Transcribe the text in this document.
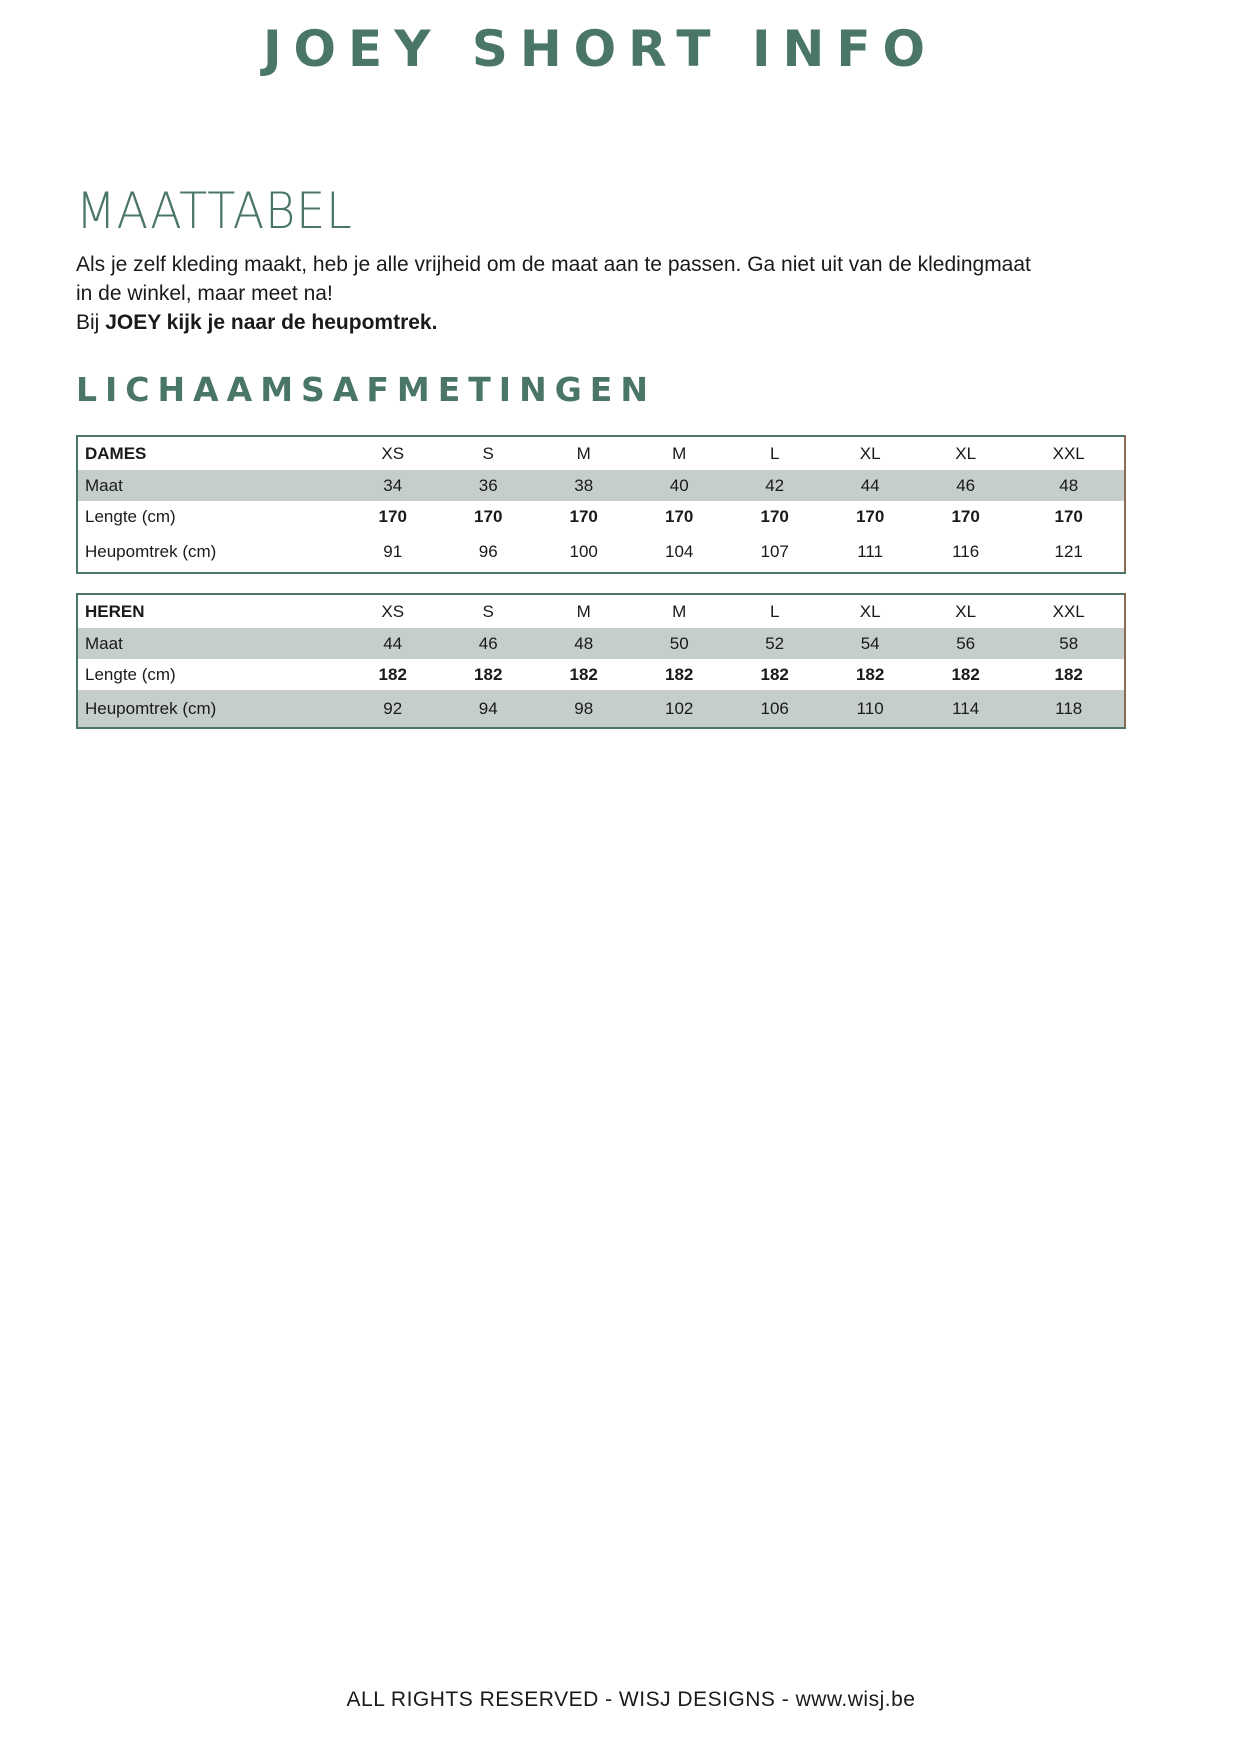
JOEY SHORT INFO
MAATTABEL

Als je zelf kleding maakt, heb je alle vrijheid om de maat aan te passen. Ga niet uit van de kledingmaat

in de winkel, maar meet na!

Bij JOEY kijk je naar de heupomtrek.

LICHAAMSAFMETINGEN
DAMES	XS	S	M	M	L	XL	XL	XXL
Maat	34	36	38	40	42	44	46	48
Lengte (cm)	170	170	170	170	170	170	170	170
Heupomtrek (cm)	91	96	100	104	107	111	116	121
HEREN	XS	S	M	M	L	XL	XL	XXL
Maat	44	46	48	50	52	54	56	58
Lengte (cm)	182	182	182	182	182	182	182	182
Heupomtrek (cm)	92	94	98	102	106	110	114	118
ALL RIGHTS RESERVED - WISJ DESIGNS - www.wisj.be
